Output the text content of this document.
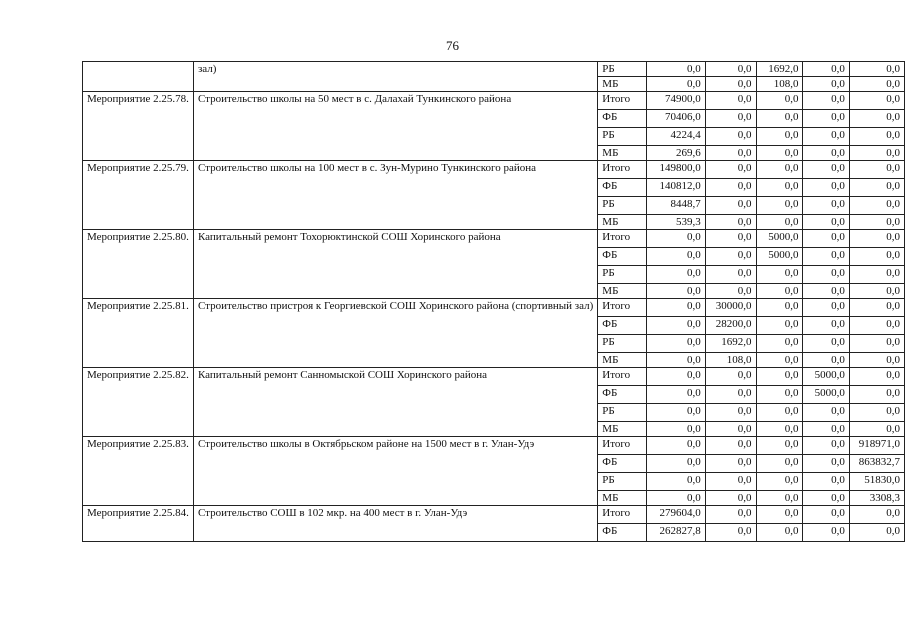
76
	зал)	РБ	0,0	0,0	1692,0	0,0	0,0
		МБ	0,0	0,0	108,0	0,0	0,0
Мероприятие 2.25.78.	Строительство школы на 50 мест в с. Далахай Тункинского района	Итого	74900,0	0,0	0,0	0,0	0,0
		ФБ	70406,0	0,0	0,0	0,0	0,0
		РБ	4224,4	0,0	0,0	0,0	0,0
		МБ	269,6	0,0	0,0	0,0	0,0
Мероприятие 2.25.79.	Строительство школы на 100 мест в с. Зун-Мурино Тункинского района	Итого	149800,0	0,0	0,0	0,0	0,0
		ФБ	140812,0	0,0	0,0	0,0	0,0
		РБ	8448,7	0,0	0,0	0,0	0,0
		МБ	539,3	0,0	0,0	0,0	0,0
Мероприятие 2.25.80.	Капитальный ремонт Тохорюктинской СОШ Хоринского района	Итого	0,0	0,0	5000,0	0,0	0,0
		ФБ	0,0	0,0	5000,0	0,0	0,0
		РБ	0,0	0,0	0,0	0,0	0,0
		МБ	0,0	0,0	0,0	0,0	0,0
Мероприятие 2.25.81.	Строительство пристроя к Георгиевской СОШ Хоринского района (спортивный зал)	Итого	0,0	30000,0	0,0	0,0	0,0
		ФБ	0,0	28200,0	0,0	0,0	0,0
		РБ	0,0	1692,0	0,0	0,0	0,0
		МБ	0,0	108,0	0,0	0,0	0,0
Мероприятие 2.25.82.	Капитальный ремонт Санномыской СОШ Хоринского района	Итого	0,0	0,0	0,0	5000,0	0,0
		ФБ	0,0	0,0	0,0	5000,0	0,0
		РБ	0,0	0,0	0,0	0,0	0,0
		МБ	0,0	0,0	0,0	0,0	0,0
Мероприятие 2.25.83.	Строительство школы в Октябрьском районе на 1500 мест в г. Улан-Удэ	Итого	0,0	0,0	0,0	0,0	918971,0
		ФБ	0,0	0,0	0,0	0,0	863832,7
		РБ	0,0	0,0	0,0	0,0	51830,0
		МБ	0,0	0,0	0,0	0,0	3308,3
Мероприятие 2.25.84.	Строительство СОШ в 102 мкр. на 400 мест в г. Улан-Удэ	Итого	279604,0	0,0	0,0	0,0	0,0
		ФБ	262827,8	0,0	0,0	0,0	0,0
